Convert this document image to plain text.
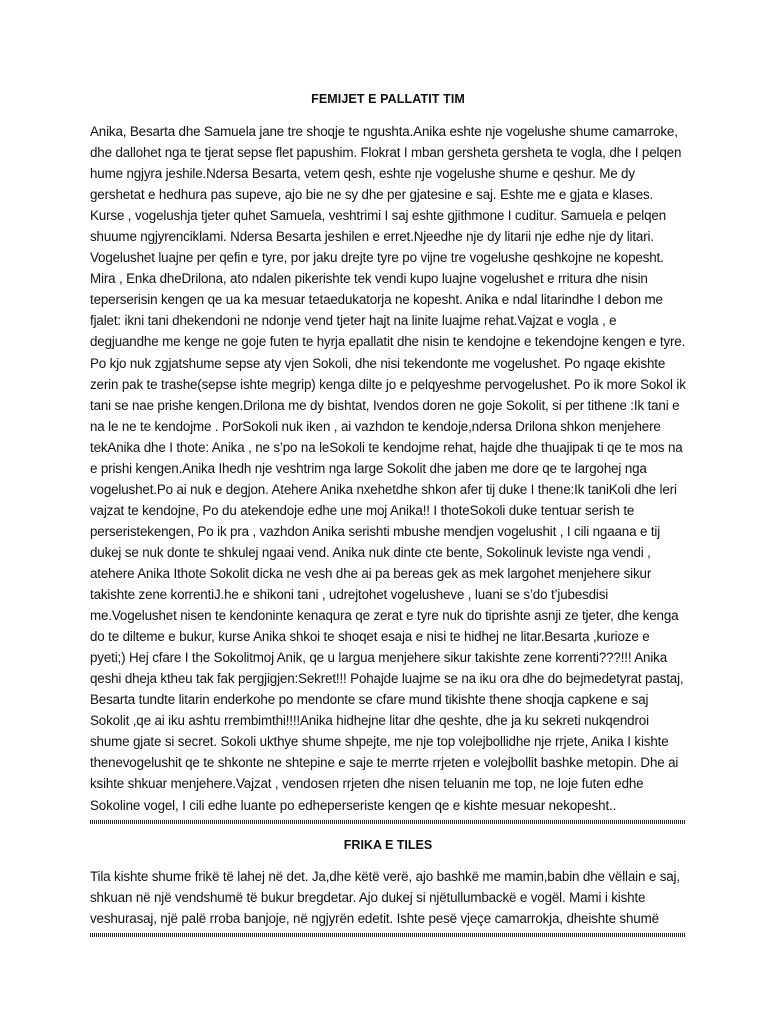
FEMIJET E PALLATIT TIM

Anika, Besarta dhe Samuela jane tre shoqje te ngushta.Anika eshte nje vogelushe shume camarroke, dhe dallohet nga te tjerat sepse flet papushim. Flokrat I mban gersheta gersheta te vogla, dhe I pelqen hume ngjyra jeshile.Ndersa Besarta, vetem qesh, eshte nje vogelushe shume e qeshur. Me dy gershetat e hedhura pas supeve, ajo bie ne sy dhe per gjatesine e saj. Eshte me e gjata e klases. Kurse , vogelushja tjeter quhet Samuela, veshtrimi I saj eshte gjithmone I cuditur. Samuela e pelqen shuume ngjyrenciklami. Ndersa Besarta jeshilen e erret.Njeedhe nje dy litarii nje edhe nje dy litari. Vogelushet luajne per qefin e tyre, por jaku drejte tyre po vijne tre vogelushe qeshkojne ne kopesht. Mira , Enka dheDrilona, ato ndalen pikerishte tek vendi kupo luajne vogelushet e rritura dhe nisin teperserisin kengen qe ua ka mesuar tetaedukatorja ne kopesht. Anika e ndal litarindhe I debon me fjalet: ikni tani dhekendoni ne ndonje vend tjeter hajt na linite luajme rehat.Vajzat e vogla , e degjuandhe me kenge ne goje futen te hyrja epallatit dhe nisin te kendojne e tekendojne kengen e tyre. Po kjo nuk zgjatshume sepse aty vjen Sokoli, dhe nisi tekendonte me vogelushet. Po ngaqe ekishte zerin pak te trashe(sepse ishte megrip) kenga dilte jo e pelqyeshme pervogelushet. Po ik more Sokol ik tani se nae prishe kengen.Drilona me dy bishtat, Ivendos doren ne goje Sokolit, si per tithene :Ik tani e na le ne te kendojme . PorSokoli nuk iken , ai vazhdon te kendoje,ndersa Drilona shkon menjehere tekAnika dhe I thote: Anika , ne s’po na leSokoli te kendojme rehat, hajde dhe thuajipak ti qe te mos na e prishi kengen.Anika Ihedh nje veshtrim nga large Sokolit dhe jaben me dore qe te largohej nga vogelushet.Po ai nuk e degjon. Atehere Anika nxehetdhe shkon afer tij duke I thene:Ik taniKoli dhe leri vajzat te kendojne, Po du atekendoje edhe une moj Anika!! I thoteSokoli duke tentuar serish te perseristekengen, Po ik pra , vazhdon Anika serishti mbushe mendjen vogelushit , I cili ngaana e tij dukej se nuk donte te shkulej ngaai vend. Anika nuk dinte cte bente, Sokolinuk leviste nga vendi , atehere Anika Ithote Sokolit dicka ne vesh dhe ai pa bereas gek as mek largohet menjehere sikur takishte zene korrentiJ.he e shikoni tani , udrejtohet vogelusheve , luani se s’do t’jubesdisi me.Vogelushet nisen te kendoninte kenaqura qe zerat e tyre nuk do tiprishte asnji ze tjeter, dhe kenga do te dilteme e bukur, kurse Anika shkoi te shoqet esaja e nisi te hidhej ne litar.Besarta ,kurioze e pyeti;) Hej cfare I the Sokolitmoj Anik, qe u largua menjehere sikur takishte zene korrenti???!!! Anika qeshi dheja ktheu tak fak pergjigjen:Sekret!!! Pohajde luajme se na iku ora dhe do bejmedetyrat pastaj, Besarta tundte litarin enderkohe po mendonte se cfare mund tikishte thene shoqja capkene e saj Sokolit ,qe ai iku ashtu rrembimthi!!!!Anika hidhejne litar dhe qeshte, dhe ja ku sekreti nukqendroi shume gjate si secret. Sokoli ukthye shume shpejte, me nje top volejbollidhe nje rrjete, Anika I kishte thenevogelushit qe te shkonte ne shtepine e saje te merrte rrjeten e volejbollit bashke metopin. Dhe ai ksihte shkuar menjehere.Vajzat , vendosen rrjeten dhe nisen teluanin me top, ne loje futen edhe Sokoline vogel, I cili edhe luante po edheperseriste kengen qe e kishte mesuar nekopesht..

FRIKA E TILES

Tila kishte shume frikë të lahej në det. Ja,dhe këtë verë, ajo bashkë me mamin,babin dhe vëllain e saj, shkuan në një vendshumë të bukur bregdetar. Ajo dukej si njëtullumbackë e vogël. Mami i kishte veshurasaj, një palë rroba banjoje, në ngjyrën edetit. Ishte pesë vjeçe camarrokja, dheishte shumë
